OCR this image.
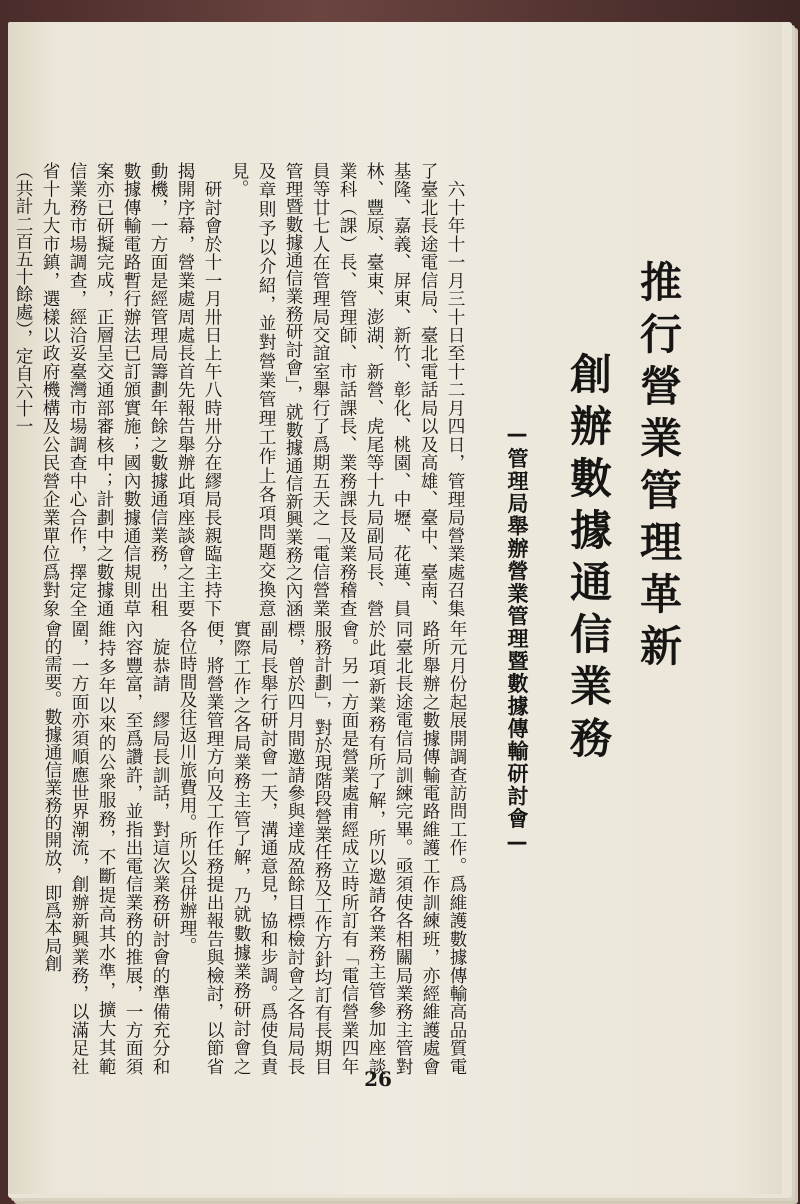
推行營業管理革新
創辦數據通信業務
—管理局舉辦營業管理暨數據傳輸研討會—
　六十年十一月三十日至十二月四日，管理局營業處召集了臺北長途電信局、臺北電話局以及高雄、臺中、臺南、基隆、嘉義、屏東、新竹、彰化、桃園、中壢、花蓮、員林、豐原、臺東、澎湖、新營、虎尾等十九局副局長、營業科（課）長、管理師、市話課長、業務課長及業務稽查員等廿七人在管理局交誼室舉行了爲期五天之「電信營業管理暨數據通信業務研討會」，就數據通信新興業務之內涵及章則予以介紹，並對營業管理工作上各項問題交換意見。
　研討會於十一月卅日上午八時卅分在繆局長親臨主持下揭開序幕，營業處周處長首先報告舉辦此項座談會之主要動機，一方面是經管理局籌劃年餘之數據通信業務，出租數據傳輸電路暫行辦法已訂頒實施；國內數據通信規則草案亦已研擬完成，正層呈交通部審核中；計劃中之數據通信業務市場調查，經洽妥臺灣市場調查中心合作，擇定全省十九大市鎮，選樣以政府機構及公民營企業單位爲對象（共計二百五十餘處），定自六十一
年元月份起展開調查訪問工作。爲維護數據傳輸高品質電路所舉辦之數據傳輸電路維護工作訓練班，亦經維護處會同臺北長途電信局訓練完畢。亟須使各相關局業務主管對於此項新業務有所了解，所以邀請各業務主管參加座談會。另一方面是營業處甫經成立時所訂有「電信營業四年服務計劃」，對於現階段營業任務及工作方針均訂有長期目標，曾於四月間邀請參與達成盈餘目標檢討會之各局局長副局長舉行研討會一天，溝通意見，協和步調。爲使負責實際工作之各局業務主管了解，乃就數據業務研討會之便，將營業管理方向及工作任務提出報告與檢討，以節省各位時間及往返川旅費用。所以合併辦理。
　旋恭請　繆局長訓話，對這次業務研討會的準備充分和內容豐富，至爲讚許，並指出電信業務的推展，一方面須維持多年以來的公衆服務，不斷提高其水準，擴大其範圍，一方面亦須順應世界潮流，創辦新興業務，以滿足社會的需要。數據通信業務的開放，即爲本局創
26
